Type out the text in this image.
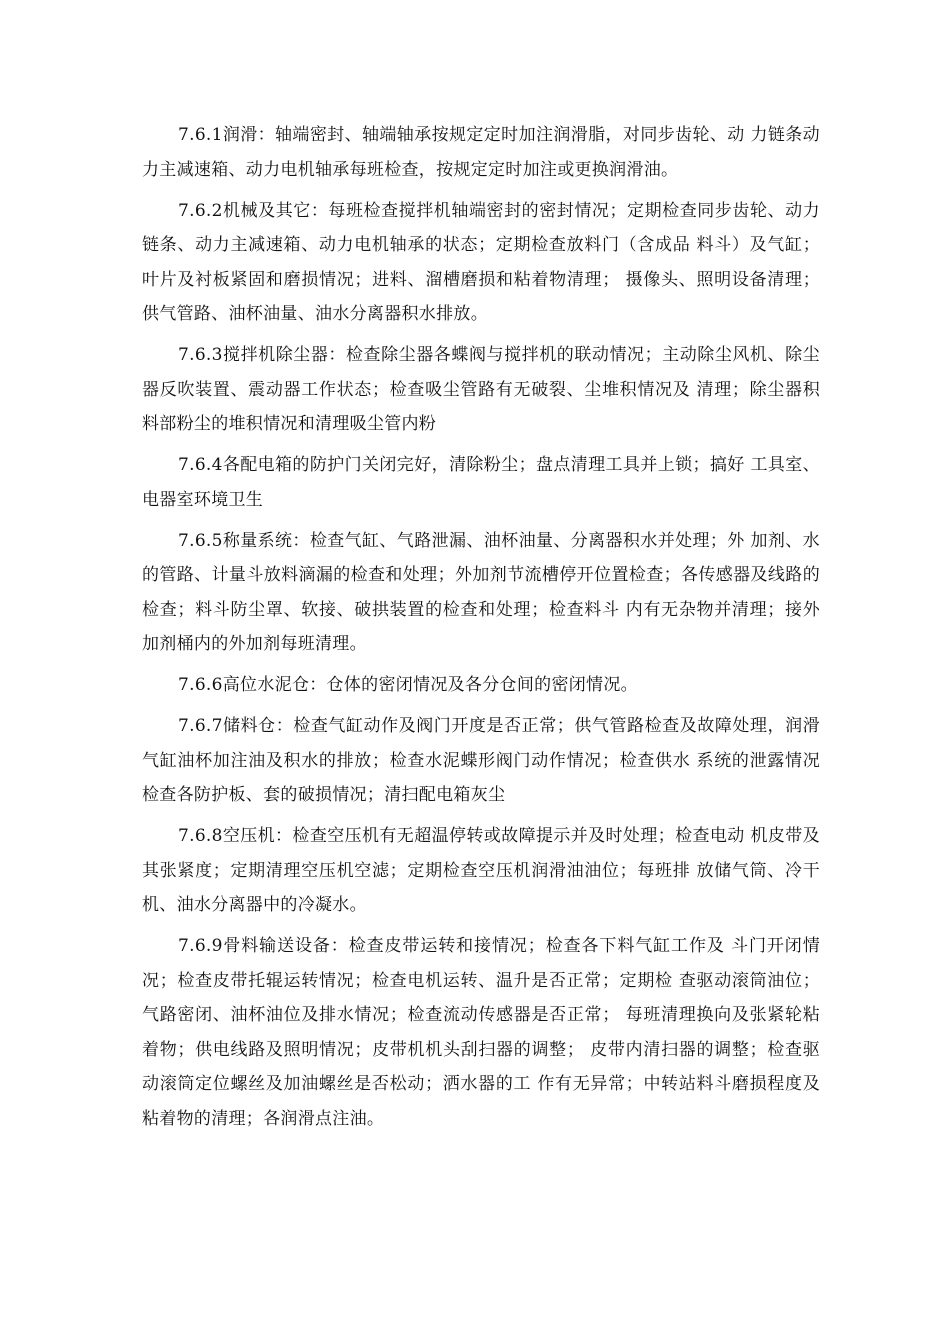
7.6.1润滑：轴端密封、轴端轴承按规定定时加注润滑脂，对同步齿轮、动 力链条动力主减速箱、动力电机轴承每班检查，按规定定时加注或更换润滑油。

7.6.2机械及其它：每班检查搅拌机轴端密封的密封情况；定期检查同步齿轮、动力链条、动力主减速箱、动力电机轴承的状态；定期检查放料门（含成品 料斗）及气缸；叶片及衬板紧固和磨损情况；进料、溜槽磨损和粘着物清理； 摄像头、照明设备清理；供气管路、油杯油量、油水分离器积水排放。

7.6.3搅拌机除尘器：检查除尘器各蝶阀与搅拌机的联动情况；主动除尘风机、除尘器反吹装置、震动器工作状态；检查吸尘管路有无破裂、尘堆积情况及 清理；除尘器积料部粉尘的堆积情况和清理吸尘管内粉

7.6.4各配电箱的防护门关闭完好，清除粉尘；盘点清理工具并上锁；搞好 工具室、电器室环境卫生

7.6.5称量系统：检查气缸、气路泄漏、油杯油量、分离器积水并处理；外 加剂、水的管路、计量斗放料滴漏的检查和处理；外加剂节流槽停开位置检查；各传感器及线路的检查；料斗防尘罩、软接、破拱装置的检查和处理；检查料斗 内有无杂物并清理；接外加剂桶内的外加剂每班清理。

7.6.6高位水泥仓：仓体的密闭情况及各分仓间的密闭情况。

7.6.7储料仓：检查气缸动作及阀门开度是否正常；供气管路检查及故障处理，润滑气缸油杯加注油及积水的排放；检查水泥蝶形阀门动作情况；检查供水 系统的泄露情况检查各防护板、套的破损情况；清扫配电箱灰尘

7.6.8空压机：检查空压机有无超温停转或故障提示并及时处理；检查电动 机皮带及其张紧度；定期清理空压机空滤；定期检查空压机润滑油油位；每班排 放储气筒、冷干机、油水分离器中的冷凝水。

7.6.9骨料输送设备：检查皮带运转和接情况；检查各下料气缸工作及 斗门开闭情况；检查皮带托辊运转情况；检查电机运转、温升是否正常；定期检 查驱动滚筒油位；气路密闭、油杯油位及排水情况；检查流动传感器是否正常； 每班清理换向及张紧轮粘着物；供电线路及照明情况；皮带机机头刮扫器的调整； 皮带内清扫器的调整；检查驱动滚筒定位螺丝及加油螺丝是否松动；洒水器的工 作有无异常；中转站料斗磨损程度及粘着物的清理；各润滑点注油。
